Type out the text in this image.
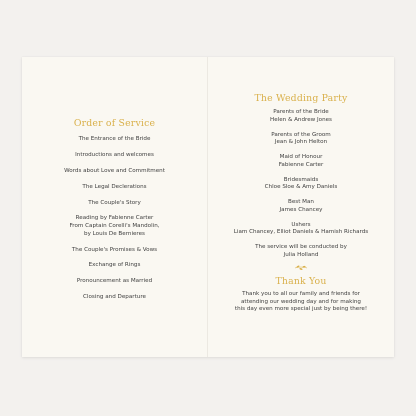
Order of Service
The Entrance of the Bride
Introductions and welcomes
Words about Love and Commitment
The Legal Declerations
The Couple's Story
Reading by Fabienne Carter
From Captain Corelli's Mandolin,
by Louis De Bernieres
The Couple's Promises & Vows
Exchange of Rings
Pronouncement as Married
Closing and Departure
The Wedding Party
Parents of the Bride
Helen & Andrew Jones
Parents of the Groom
Jean & John Helton
Maid of Honour
Fabienne Carter
Bridesmaids
Chloe Sloe & Amy Daniels
Best Man
James Chancey
Ushers
Liam Chancey, Elliot Daniels & Hamish Richards
The service will be conducted by
Julia Holland
Thank You
Thank you to all our family and friends for
attending our wedding day and for making
this day even more special just by being there!
